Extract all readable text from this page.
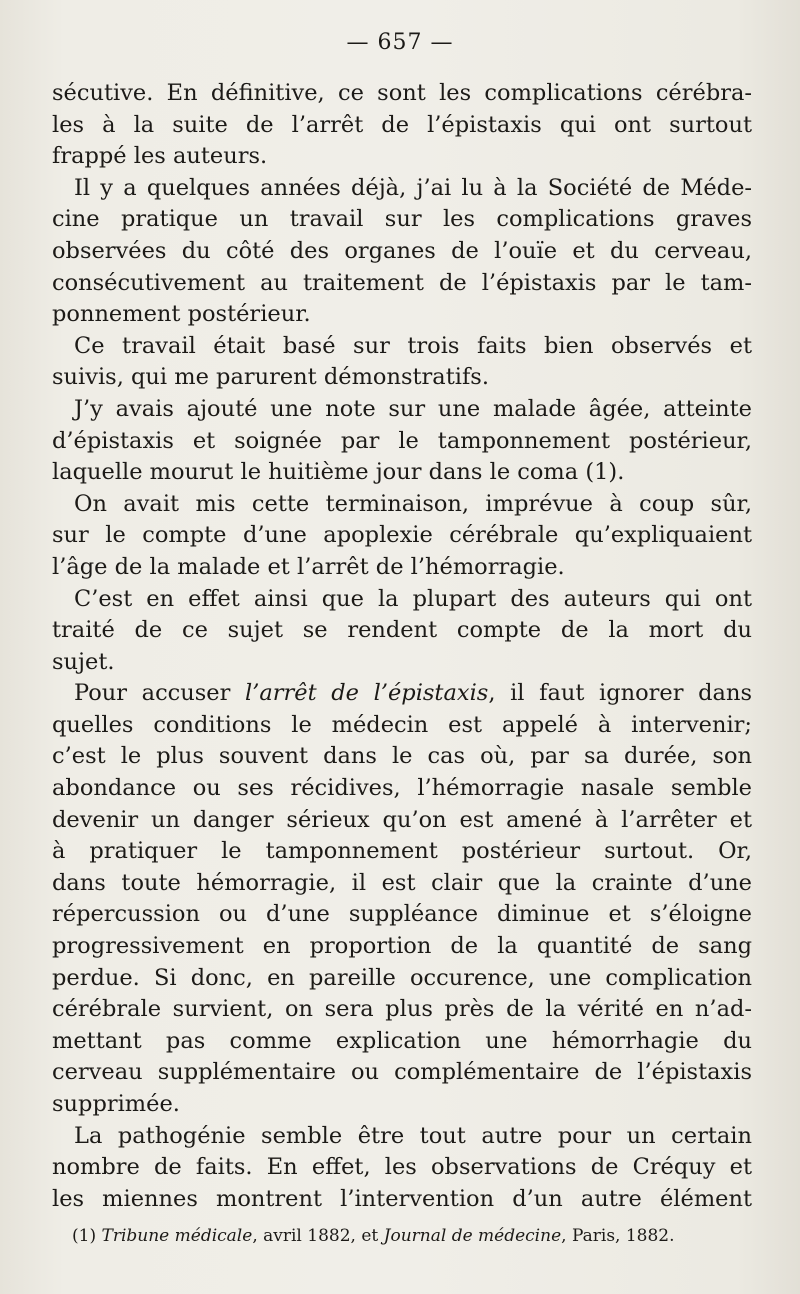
— 657 —

sécutive. En définitive, ce sont les complications cérébra-
les à la suite de l’arrêt de l’épistaxis qui ont surtout
frappé les auteurs.

Il y a quelques années déjà, j’ai lu à la Société de Méde-
cine pratique un travail sur les complications graves
observées du côté des organes de l’ouïe et du cerveau,
consécutivement au traitement de l’épistaxis par le tam-
ponnement postérieur.

Ce travail était basé sur trois faits bien observés et
suivis, qui me parurent démonstratifs.

J’y avais ajouté une note sur une malade âgée, atteinte
d’épistaxis et soignée par le tamponnement postérieur,
laquelle mourut le huitième jour dans le coma (1).

On avait mis cette terminaison, imprévue à coup sûr,
sur le compte d’une apoplexie cérébrale qu’expliquaient
l’âge de la malade et l’arrêt de l’hémorragie.

C’est en effet ainsi que la plupart des auteurs qui ont
traité de ce sujet se rendent compte de la mort du
sujet.

Pour accuser l’arrêt de l’épistaxis, il faut ignorer dans
quelles conditions le médecin est appelé à intervenir;
c’est le plus souvent dans le cas où, par sa durée, son
abondance ou ses récidives, l’hémorragie nasale semble
devenir un danger sérieux qu’on est amené à l’arrêter et
à pratiquer le tamponnement postérieur surtout. Or,
dans toute hémorragie, il est clair que la crainte d’une
répercussion ou d’une suppléance diminue et s’éloigne
progressivement en proportion de la quantité de sang
perdue. Si donc, en pareille occurence, une complication
cérébrale survient, on sera plus près de la vérité en n’ad-
mettant pas comme explication une hémorrhagie du
cerveau supplémentaire ou complémentaire de l’épistaxis
supprimée.

La pathogénie semble être tout autre pour un certain
nombre de faits. En effet, les observations de Créquy et
les miennes montrent l’intervention d’un autre élément

(1) Tribune médicale, avril 1882, et Journal de médecine, Paris, 1882.
